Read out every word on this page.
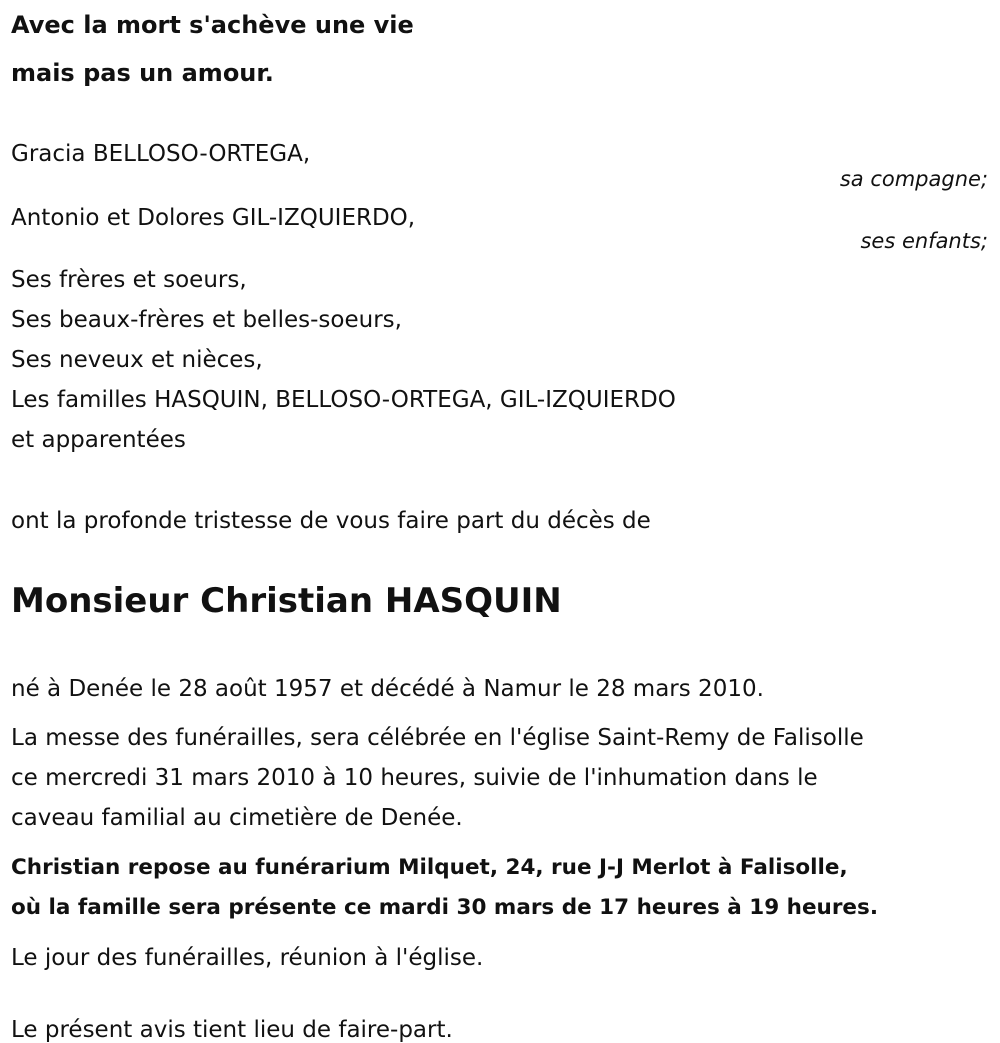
Avec la mort s'achève une vie
mais pas un amour.
Gracia BELLOSO-ORTEGA,
sa compagne;
Antonio et Dolores GIL-IZQUIERDO,
ses enfants;
Ses frères et soeurs,
Ses beaux-frères et belles-soeurs,
Ses neveux et nièces,
Les familles HASQUIN, BELLOSO-ORTEGA, GIL-IZQUIERDO
et apparentées
ont la profonde tristesse de vous faire part du décès de
Monsieur Christian HASQUIN
né à Denée le 28 août 1957 et décédé à Namur le 28 mars 2010.
La messe des funérailles, sera célébrée en l'église Saint-Remy de Falisolle
ce mercredi 31 mars 2010 à 10 heures, suivie de l'inhumation dans le
caveau familial au cimetière de Denée.
Christian repose au funérarium Milquet, 24, rue J-J Merlot à Falisolle,
où la famille sera présente ce mardi 30 mars de 17 heures à 19 heures.
Le jour des funérailles, réunion à l'église.
Le présent avis tient lieu de faire-part.
